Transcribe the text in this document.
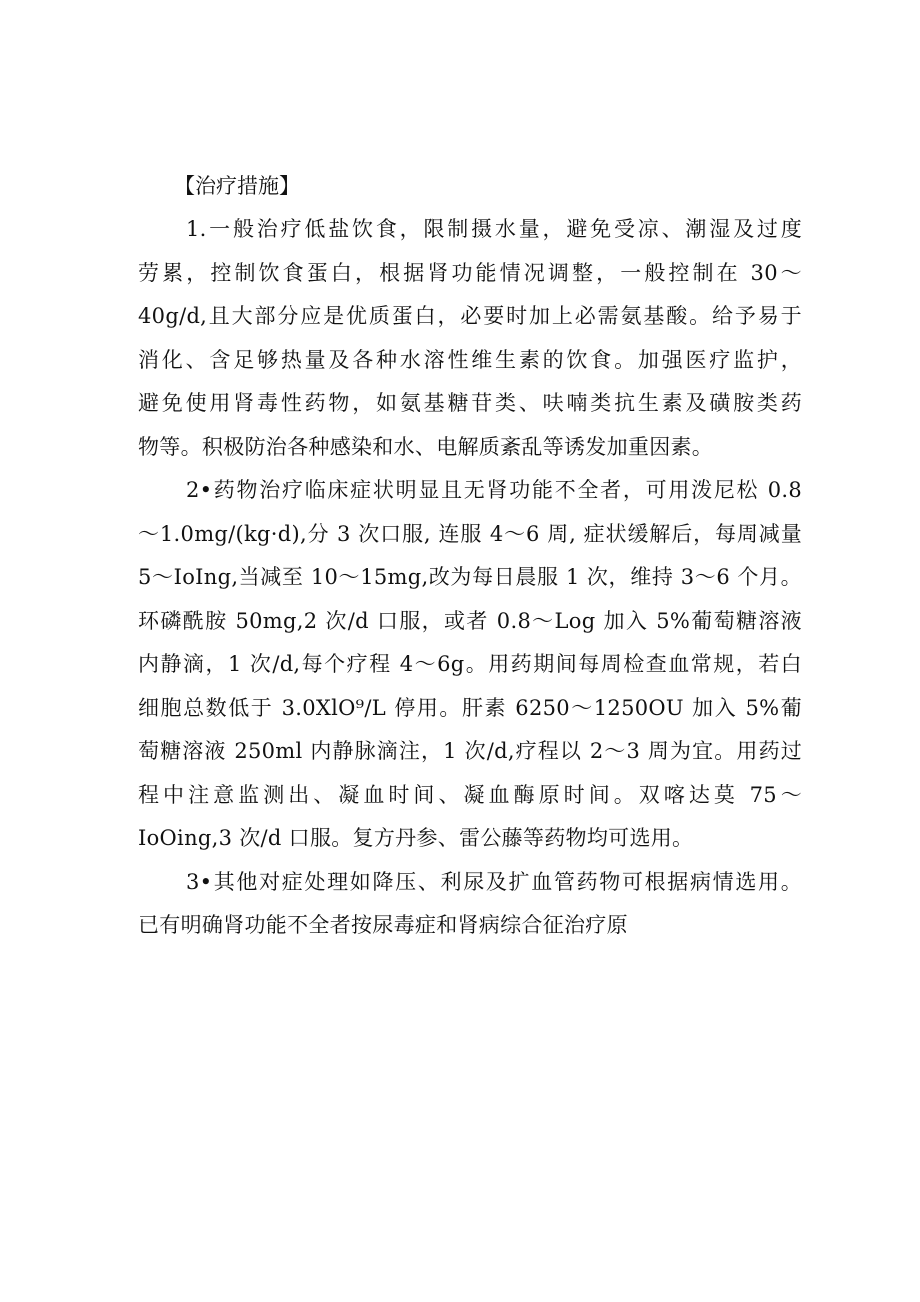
【治疗措施】
1.一般治疗低盐饮食，限制摄水量，避免受凉、潮湿及过度
劳累，控制饮食蛋白，根据肾功能情况调整，一般控制在 30～
40g/d,且大部分应是优质蛋白，必要时加上必需氨基酸。给予易于
消化、含足够热量及各种水溶性维生素的饮食。加强医疗监护，
避免使用肾毒性药物，如氨基糖苷类、呋喃类抗生素及磺胺类药
物等。积极防治各种感染和水、电解质紊乱等诱发加重因素。
2•药物治疗临床症状明显且无肾功能不全者，可用泼尼松 0.8
～1.0mg/(kg·d),分 3 次口服, 连服 4～6 周, 症状缓解后，每周减量
5～IoIng,当减至 10～15mg,改为每日晨服 1 次，维持 3～6 个月。
环磷酰胺 50mg,2 次/d 口服，或者 0.8～Log 加入 5%葡萄糖溶液
内静滴，1 次/d,每个疗程 4～6g。用药期间每周检查血常规，若白
细胞总数低于 3.0XlO⁹/L 停用。肝素 6250～1250OU 加入 5%葡
萄糖溶液 250ml 内静脉滴注，1 次/d,疗程以 2～3 周为宜。用药过
程中注意监测出、凝血时间、凝血酶原时间。双喀达莫 75～
IoOing,3 次/d 口服。复方丹参、雷公藤等药物均可选用。
3•其他对症处理如降压、利尿及扩血管药物可根据病情选用。
已有明确肾功能不全者按尿毒症和肾病综合征治疗原
